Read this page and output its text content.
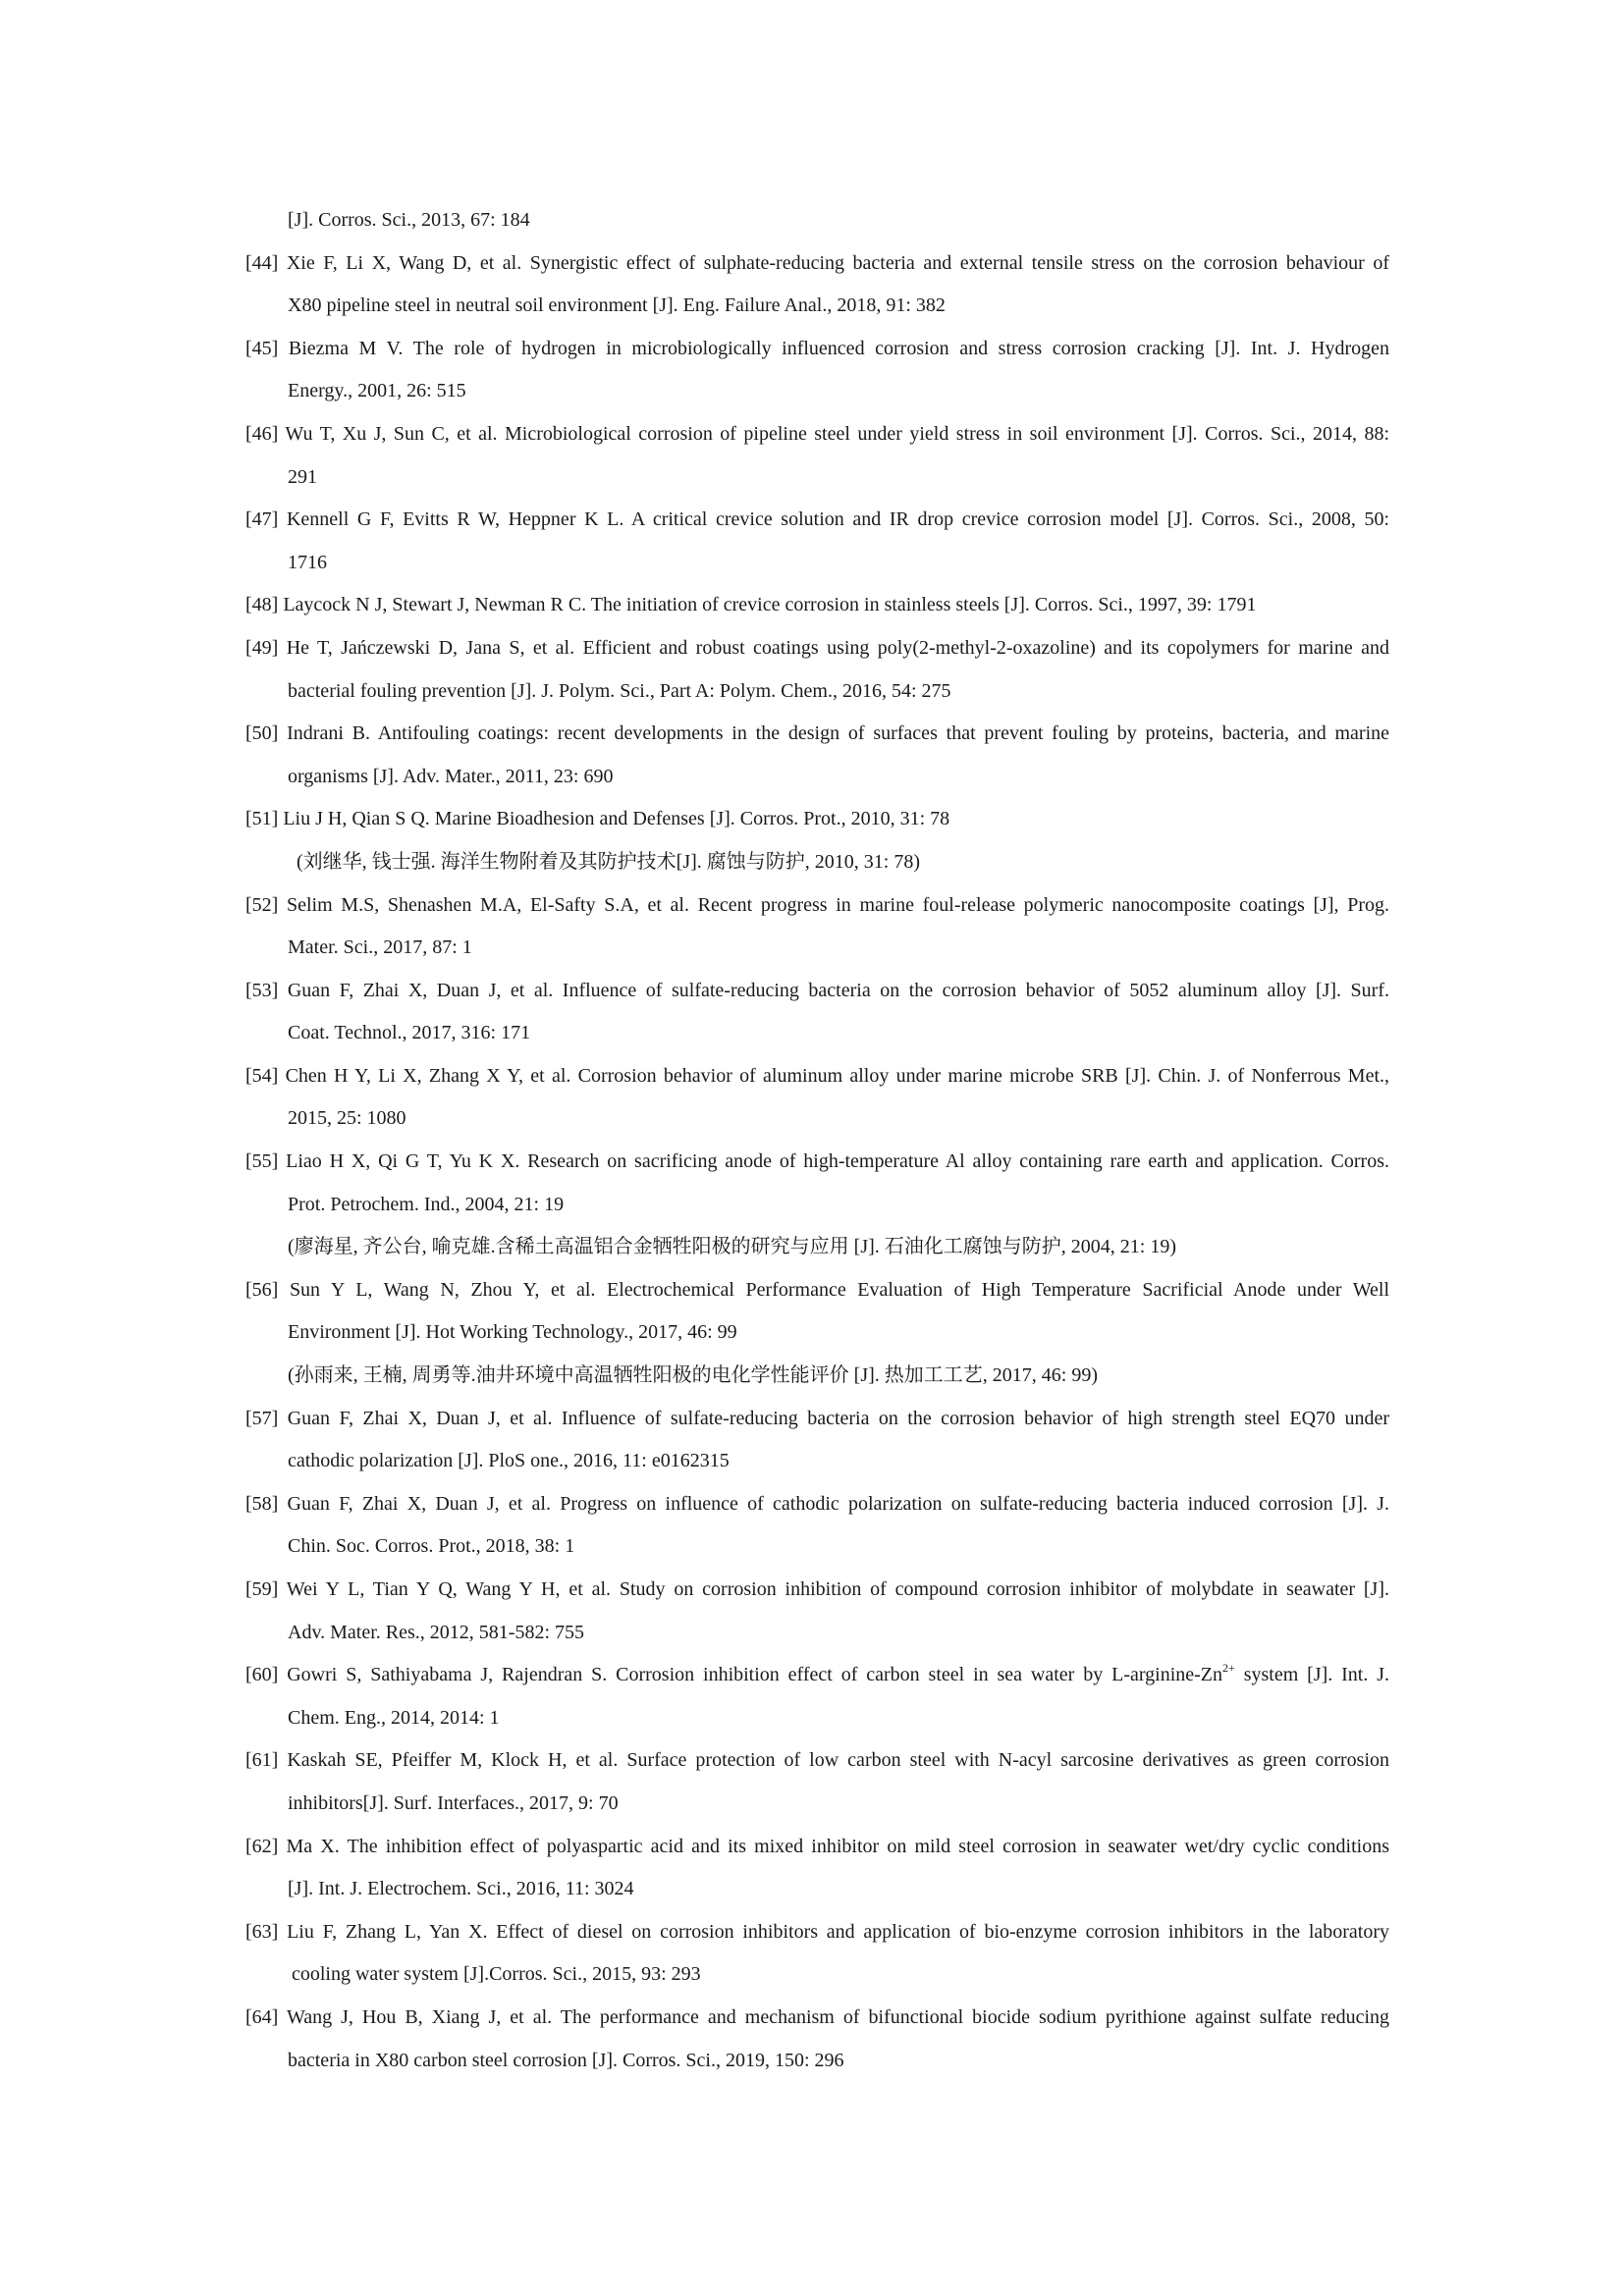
[J]. Corros. Sci., 2013, 67: 184
[44] Xie F, Li X, Wang D, et al. Synergistic effect of sulphate-reducing bacteria and external tensile stress on the corrosion behaviour of
X80 pipeline steel in neutral soil environment [J]. Eng. Failure Anal., 2018, 91: 382
[45] Biezma M V. The role of hydrogen in microbiologically influenced corrosion and stress corrosion cracking [J]. Int. J. Hydrogen
Energy., 2001, 26: 515
[46] Wu T, Xu J, Sun C, et al. Microbiological corrosion of pipeline steel under yield stress in soil environment [J]. Corros. Sci., 2014, 88:
291
[47] Kennell G F, Evitts R W, Heppner K L. A critical crevice solution and IR drop crevice corrosion model [J]. Corros. Sci., 2008, 50:
1716
[48] Laycock N J, Stewart J, Newman R C. The initiation of crevice corrosion in stainless steels [J]. Corros. Sci., 1997, 39: 1791
[49] He T, Jańczewski D, Jana S, et al. Efficient and robust coatings using poly(2-methyl-2-oxazoline) and its copolymers for marine and
bacterial fouling prevention [J]. J. Polym. Sci., Part A: Polym. Chem., 2016, 54: 275
[50] Indrani B. Antifouling coatings: recent developments in the design of surfaces that prevent fouling by proteins, bacteria, and marine
organisms [J]. Adv. Mater., 2011, 23: 690
[51] Liu J H, Qian S Q. Marine Bioadhesion and Defenses [J]. Corros. Prot., 2010, 31: 78
(刘继华, 钱士强. 海洋生物附着及其防护技术[J]. 腐蚀与防护, 2010, 31: 78)
[52] Selim M.S, Shenashen M.A, El-Safty S.A, et al. Recent progress in marine foul-release polymeric nanocomposite coatings [J], Prog.
Mater. Sci., 2017, 87: 1
[53] Guan F, Zhai X, Duan J, et al. Influence of sulfate-reducing bacteria on the corrosion behavior of 5052 aluminum alloy [J]. Surf.
Coat. Technol., 2017, 316: 171
[54] Chen H Y, Li X, Zhang X Y, et al. Corrosion behavior of aluminum alloy under marine microbe SRB [J]. Chin. J. of Nonferrous Met.,
2015, 25: 1080
[55] Liao H X, Qi G T, Yu K X. Research on sacrificing anode of high-temperature Al alloy containing rare earth and application. Corros.
Prot. Petrochem. Ind., 2004, 21: 19
(廖海星, 齐公台, 喻克雄.含稀土高温铝合金牺牲阳极的研究与应用 [J]. 石油化工腐蚀与防护, 2004, 21: 19)
[56] Sun Y L, Wang N, Zhou Y, et al. Electrochemical Performance Evaluation of High Temperature Sacrificial Anode under Well
Environment [J]. Hot Working Technology., 2017, 46: 99
(孙雨来, 王楠, 周勇等.油井环境中高温牺牲阳极的电化学性能评价 [J]. 热加工工艺, 2017, 46: 99)
[57] Guan F, Zhai X, Duan J, et al. Influence of sulfate-reducing bacteria on the corrosion behavior of high strength steel EQ70 under
cathodic polarization [J]. PloS one., 2016, 11: e0162315
[58] Guan F, Zhai X, Duan J, et al. Progress on influence of cathodic polarization on sulfate-reducing bacteria induced corrosion [J]. J.
Chin. Soc. Corros. Prot., 2018, 38: 1
[59] Wei Y L, Tian Y Q, Wang Y H, et al. Study on corrosion inhibition of compound corrosion inhibitor of molybdate in seawater [J].
Adv. Mater. Res., 2012, 581-582: 755
[60] Gowri S, Sathiyabama J, Rajendran S. Corrosion inhibition effect of carbon steel in sea water by $L-arginine-Zn^{2+}$ system [J]. Int. J.
Chem. Eng., 2014, 2014: 1
[61] Kaskah SE, Pfeiffer M, Klock H, et al. Surface protection of low carbon steel with N-acyl sarcosine derivatives as green corrosion
inhibitors[J]. Surf. Interfaces., 2017, 9: 70
[62] Ma X. The inhibition effect of polyaspartic acid and its mixed inhibitor on mild steel corrosion in seawater wet/dry cyclic conditions
[J]. Int. J. Electrochem. Sci., 2016, 11: 3024
[63] Liu F, Zhang L, Yan X. Effect of diesel on corrosion inhibitors and application of bio-enzyme corrosion inhibitors in the laboratory
cooling water system [J].Corros. Sci., 2015, 93: 293
[64] Wang J, Hou B, Xiang J, et al. The performance and mechanism of bifunctional biocide sodium pyrithione against sulfate reducing
bacteria in X80 carbon steel corrosion [J]. Corros. Sci., 2019, 150: 296
